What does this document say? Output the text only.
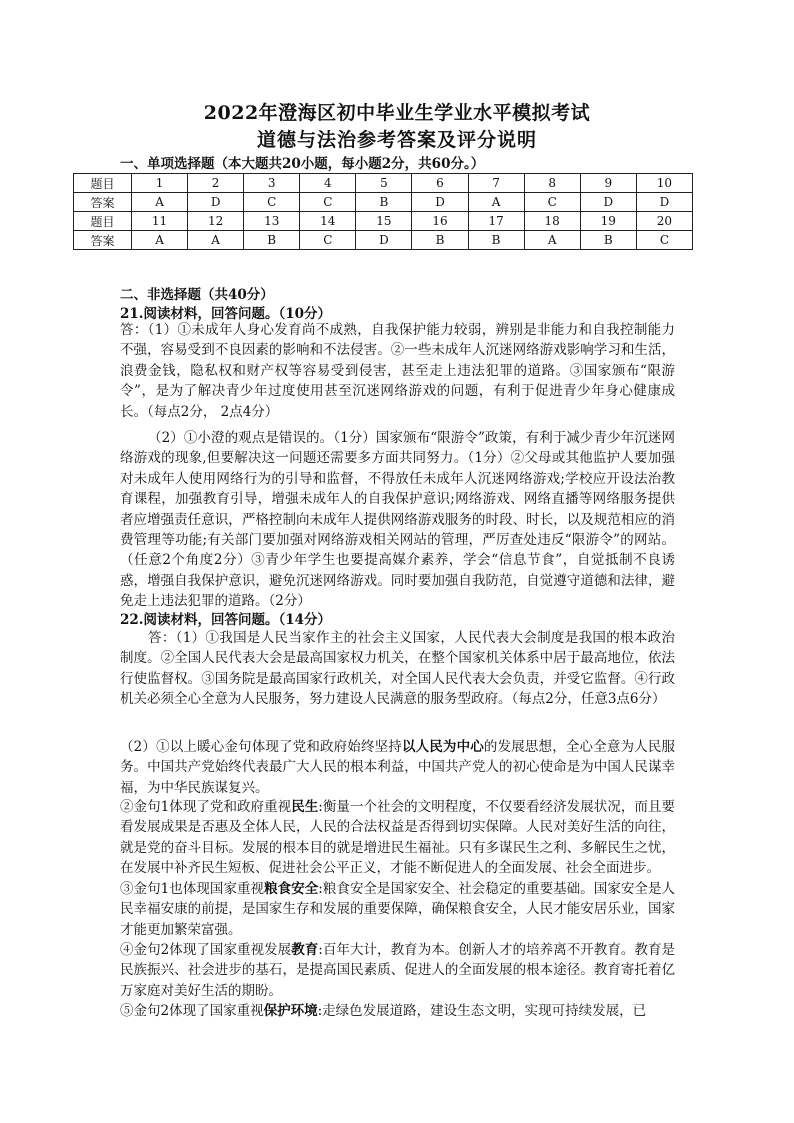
2022年澄海区初中毕业生学业水平模拟考试
道德与法治参考答案及评分说明
一、单项选择题（本大题共20小题，每小题2分，共60分。）
题目	1	2	3	4	5	6	7	8	9	10
答案	A	D	C	C	B	D	A	C	D	D
题目	11	12	13	14	15	16	17	18	19	20
答案	A	A	B	C	D	B	B	A	B	C
二、非选择题（共40分）
21.阅读材料，回答问题。（10分）
答：（1）①未成年人身心发育尚不成熟，自我保护能力较弱，辨别是非能力和自我控制能力不强，容易受到不良因素的影响和不法侵害。②一些未成年人沉迷网络游戏影响学习和生活，浪费金钱，隐私权和财产权等容易受到侵害，甚至走上违法犯罪的道路。③国家颁布“限游令”，是为了解决青少年过度使用甚至沉迷网络游戏的问题，有利于促进青少年身心健康成长。（每点2分， 2点4分）
（2）①小澄的观点是错误的。（1分）国家颁布“限游令”政策，有利于减少青少年沉迷网络游戏的现象,但要解决这一问题还需要多方面共同努力。（1分）②父母或其他监护人要加强对未成年人使用网络行为的引导和监督，不得放任未成年人沉迷网络游戏;学校应开设法治教育课程，加强教育引导，增强未成年人的自我保护意识;网络游戏、网络直播等网络服务提供者应增强责任意识，严格控制向未成年人提供网络游戏服务的时段、时长，以及规范相应的消费管理等功能;有关部门要加强对网络游戏相关网站的管理，严厉查处违反“限游令”的网站。（任意2个角度2分）③青少年学生也要提高媒介素养，学会“信息节食”，自觉抵制不良诱惑，增强自我保护意识，避免沉迷网络游戏。同时要加强自我防范，自觉遵守道德和法律，避免走上违法犯罪的道路。（2分）
22.阅读材料，回答问题。（14分）
答：（1）①我国是人民当家作主的社会主义国家，人民代表大会制度是我国的根本政治制度。②全国人民代表大会是最高国家权力机关，在整个国家机关体系中居于最高地位，依法行使监督权。③国务院是最高国家行政机关，对全国人民代表大会负责，并受它监督。④行政机关必须全心全意为人民服务，努力建设人民满意的服务型政府。（每点2分，任意3点6分）
（2）①以上暖心金句体现了党和政府始终坚持以人民为中心的发展思想，全心全意为人民服务。中国共产党始终代表最广大人民的根本利益，中国共产党人的初心使命是为中国人民谋幸福，为中华民族谋复兴。
②金句1体现了党和政府重视民生:衡量一个社会的文明程度，不仅要看经济发展状况，而且要看发展成果是否惠及全体人民，人民的合法权益是否得到切实保障。人民对美好生活的向往，就是党的奋斗目标。发展的根本目的就是增进民生福祉。只有多谋民生之利、多解民生之忧，在发展中补齐民生短板、促进社会公平正义，才能不断促进人的全面发展、社会全面进步。
③金句1也体现国家重视粮食安全:粮食安全是国家安全、社会稳定的重要基础。国家安全是人民幸福安康的前提，是国家生存和发展的重要保障，确保粮食安全，人民才能安居乐业，国家才能更加繁荣富强。
④金句2体现了国家重视发展教育:百年大计，教育为本。创新人才的培养离不开教育。教育是民族振兴、社会进步的基石，是提高国民素质、促进人的全面发展的根本途径。教育寄托着亿万家庭对美好生活的期盼。
⑤金句2体现了国家重视保护环境:走绿色发展道路，建设生态文明，实现可持续发展，已
